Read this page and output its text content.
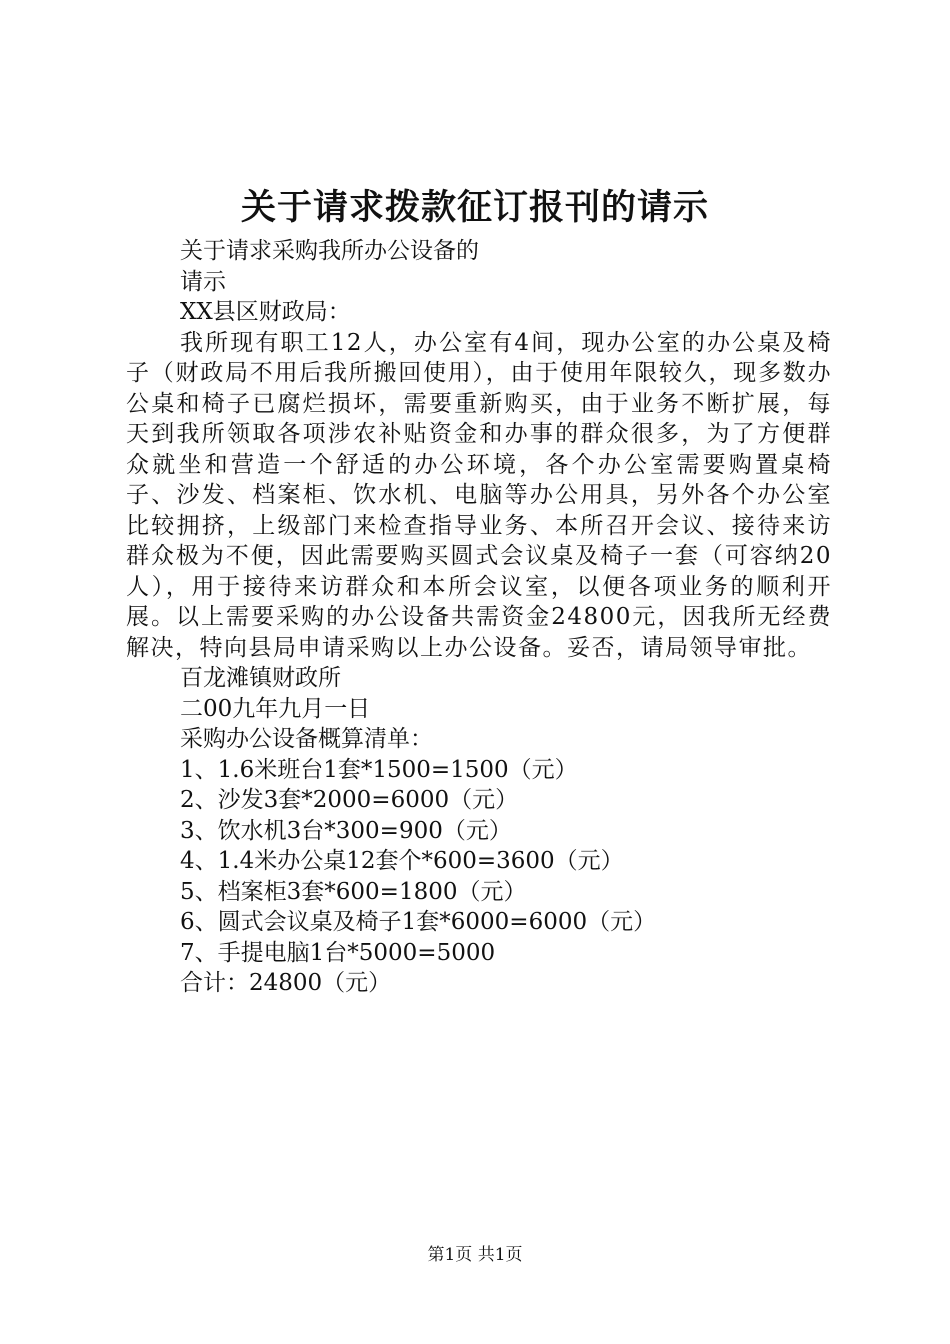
关于请求拨款征订报刊的请示

关于请求采购我所办公设备的

请示

XX县区财政局：

我所现有职工12人，办公室有4间，现办公室的办公桌及椅子（财政局不用后我所搬回使用），由于使用年限较久，现多数办公桌和椅子已腐烂损坏，需要重新购买，由于业务不断扩展，每天到我所领取各项涉农补贴资金和办事的群众很多，为了方便群众就坐和营造一个舒适的办公环境，各个办公室需要购置桌椅子、沙发、档案柜、饮水机、电脑等办公用具，另外各个办公室比较拥挤，上级部门来检查指导业务、本所召开会议、接待来访群众极为不便，因此需要购买圆式会议桌及椅子一套（可容纳20人），用于接待来访群众和本所会议室，以便各项业务的顺利开展。以上需要采购的办公设备共需资金24800元，因我所无经费解决，特向县局申请采购以上办公设备。妥否，请局领导审批。

百龙滩镇财政所

二00九年九月一日

采购办公设备概算清单：

1、1.6米班台1套*1500=1500（元）

2、沙发3套*2000=6000（元）

3、饮水机3台*300=900（元）

4、1.4米办公桌12套个*600=3600（元）

5、档案柜3套*600=1800（元）

6、圆式会议桌及椅子1套*6000=6000（元）

7、手提电脑1台*5000=5000

合计：24800（元）

第1页 共1页
